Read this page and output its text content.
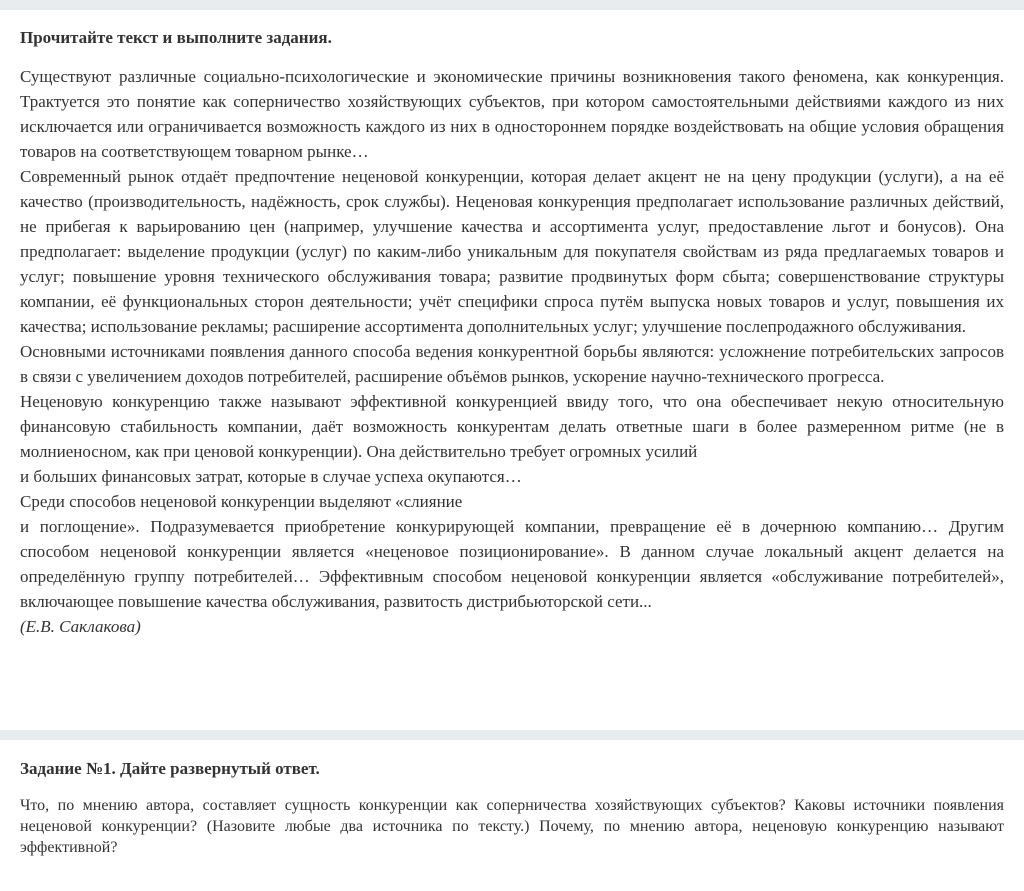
Прочитайте текст и выполните задания.

Существуют различные социально-психологические и экономические причины возникновения такого феномена, как конкуренция. Трактуется это понятие как соперничество хозяйствующих субъектов, при котором самостоятельными действиями каждого из них исключается или ограничивается возможность каждого из них в одностороннем порядке воздействовать на общие условия обращения товаров на соответствующем товарном рынке…

Современный рынок отдаёт предпочтение неценовой конкуренции, которая делает акцент не на цену продукции (услуги), а на её качество (производительность, надёжность, срок службы). Неценовая конкуренция предполагает использование различных действий, не прибегая к варьированию цен (например, улучшение качества и ассортимента услуг, предоставление льгот и бонусов). Она предполагает: выделение продукции (услуг) по каким-либо уникальным для покупателя свойствам из ряда предлагаемых товаров и услуг; повышение уровня технического обслуживания товара; развитие продвинутых форм сбыта; совершенствование структуры компании, её функциональных сторон деятельности; учёт специфики спроса путём выпуска новых товаров и услуг, повышения их качества; использование рекламы; расширение ассортимента дополнительных услуг; улучшение послепродажного обслуживания.

Основными источниками появления данного способа ведения конкурентной борьбы являются: усложнение потребительских запросов в связи с увеличением доходов потребителей, расширение объёмов рынков, ускорение научно-технического прогресса.

Неценовую конкуренцию также называют эффективной конкуренцией ввиду того, что она обеспечивает некую относительную финансовую стабильность компании, даёт возможность конкурентам делать ответные шаги в более размеренном ритме (не в молниеносном, как при ценовой конкуренции). Она действительно требует огромных усилий

и больших финансовых затрат, которые в случае успеха окупаются…

Среди способов неценовой конкуренции выделяют «слияние

и поглощение». Подразумевается приобретение конкурирующей компании, превращение её в дочернюю компанию… Другим способом неценовой конкуренции является «неценовое позиционирование». В данном случае локальный акцент делается на определённую группу потребителей… Эффективным способом неценовой конкуренции является «обслуживание потребителей», включающее повышение качества обслуживания, развитость дистрибьюторской сети...

(Е.В. Саклакова)

Задание №1. Дайте развернутый ответ.

Что, по мнению автора, составляет сущность конкуренции как соперничества хозяйствующих субъектов? Каковы источники появления неценовой конкуренции? (Назовите любые два источника по тексту.) Почему, по мнению автора, неценовую конкуренцию называют эффективной?
